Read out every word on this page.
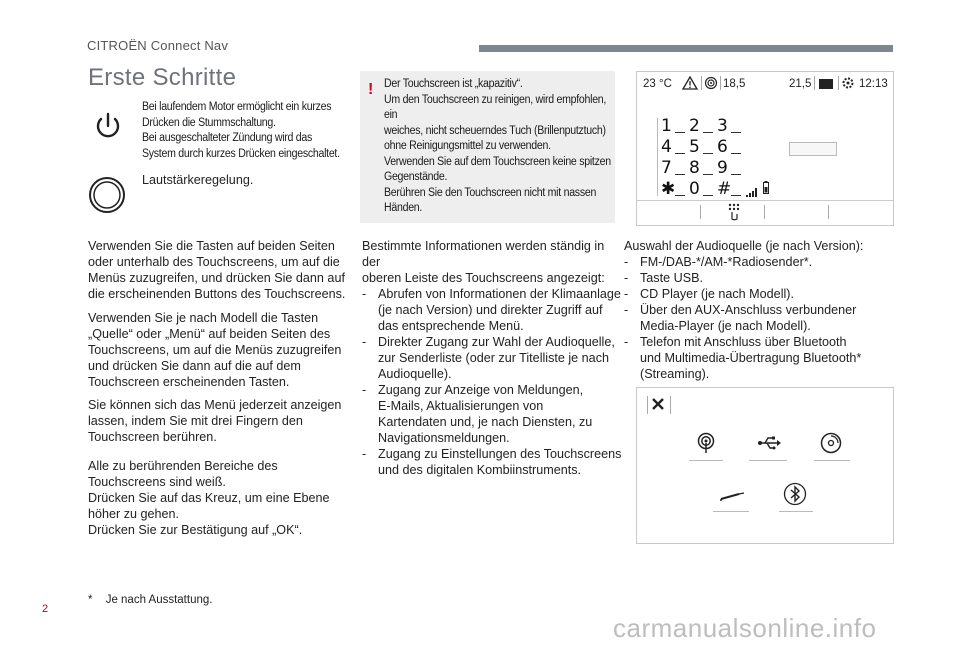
CITROËN Connect Nav
Erste Schritte
Bei laufendem Motor ermöglicht ein kurzes
Drücken die Stummschaltung.
Bei ausgeschalteter Zündung wird das
System durch kurzes Drücken eingeschaltet.
Lautstärkeregelung.

Verwenden Sie die Tasten auf beiden Seiten

oder unterhalb des Touchscreens, um auf die

Menüs zuzugreifen, und drücken Sie dann auf

die erscheinenden Buttons des Touchscreens.

Verwenden Sie je nach Modell die Tasten

„Quelle“ oder „Menü“ auf beiden Seiten des

Touchscreens, um auf die Menüs zuzugreifen

und drücken Sie dann auf die auf dem

Touchscreen erscheinenden Tasten.

Sie können sich das Menü jederzeit anzeigen

lassen, indem Sie mit drei Fingern den

Touchscreen berühren.

Alle zu berührenden Bereiche des

Touchscreens sind weiß.

Drücken Sie auf das Kreuz, um eine Ebene

höher zu gehen.

Drücken Sie zur Bestätigung auf „OK“.

! Der Touchscreen ist „kapazitiv“.
Um den Touchscreen zu reinigen, wird empfohlen, ein
weiches, nicht scheuerndes Tuch (Brillenputztuch)
ohne Reinigungsmittel zu verwenden.
Verwenden Sie auf dem Touchscreen keine spitzen
Gegenstände.
Berühren Sie den Touchscreen nicht mit nassen
Händen.

Bestimmte Informationen werden ständig in der

oberen Leiste des Touchscreens angezeigt:

- Abrufen von Informationen der Klimaanlage
(je nach Version) und direkter Zugriff auf
das entsprechende Menü.
- Direkter Zugang zur Wahl der Audioquelle,
zur Senderliste (oder zur Titelliste je nach
Audioquelle).
- Zugang zur Anzeige von Meldungen,
E-Mails, Aktualisierungen von
Kartendaten und, je nach Diensten, zu
Navigationsmeldungen.
- Zugang zu Einstellungen des Touchscreens
und des digitalen Kombiinstruments.
23 °C	18,5	21,5	12:13
1 2 3
4 5 6
7 8 9
✱ 0 #

Auswahl der Audioquelle (je nach Version):

- FM-/DAB-*/AM-*Radiosender*.
- Taste USB.
- CD Player (je nach Modell).
- Über den AUX-Anschluss verbundener
Media-Player (je nach Modell).
- Telefon mit Anschluss über Bluetooth
und Multimedia-Übertragung Bluetooth*
(Streaming).
* Je nach Ausstattung.
2
carmanualsonline.info
